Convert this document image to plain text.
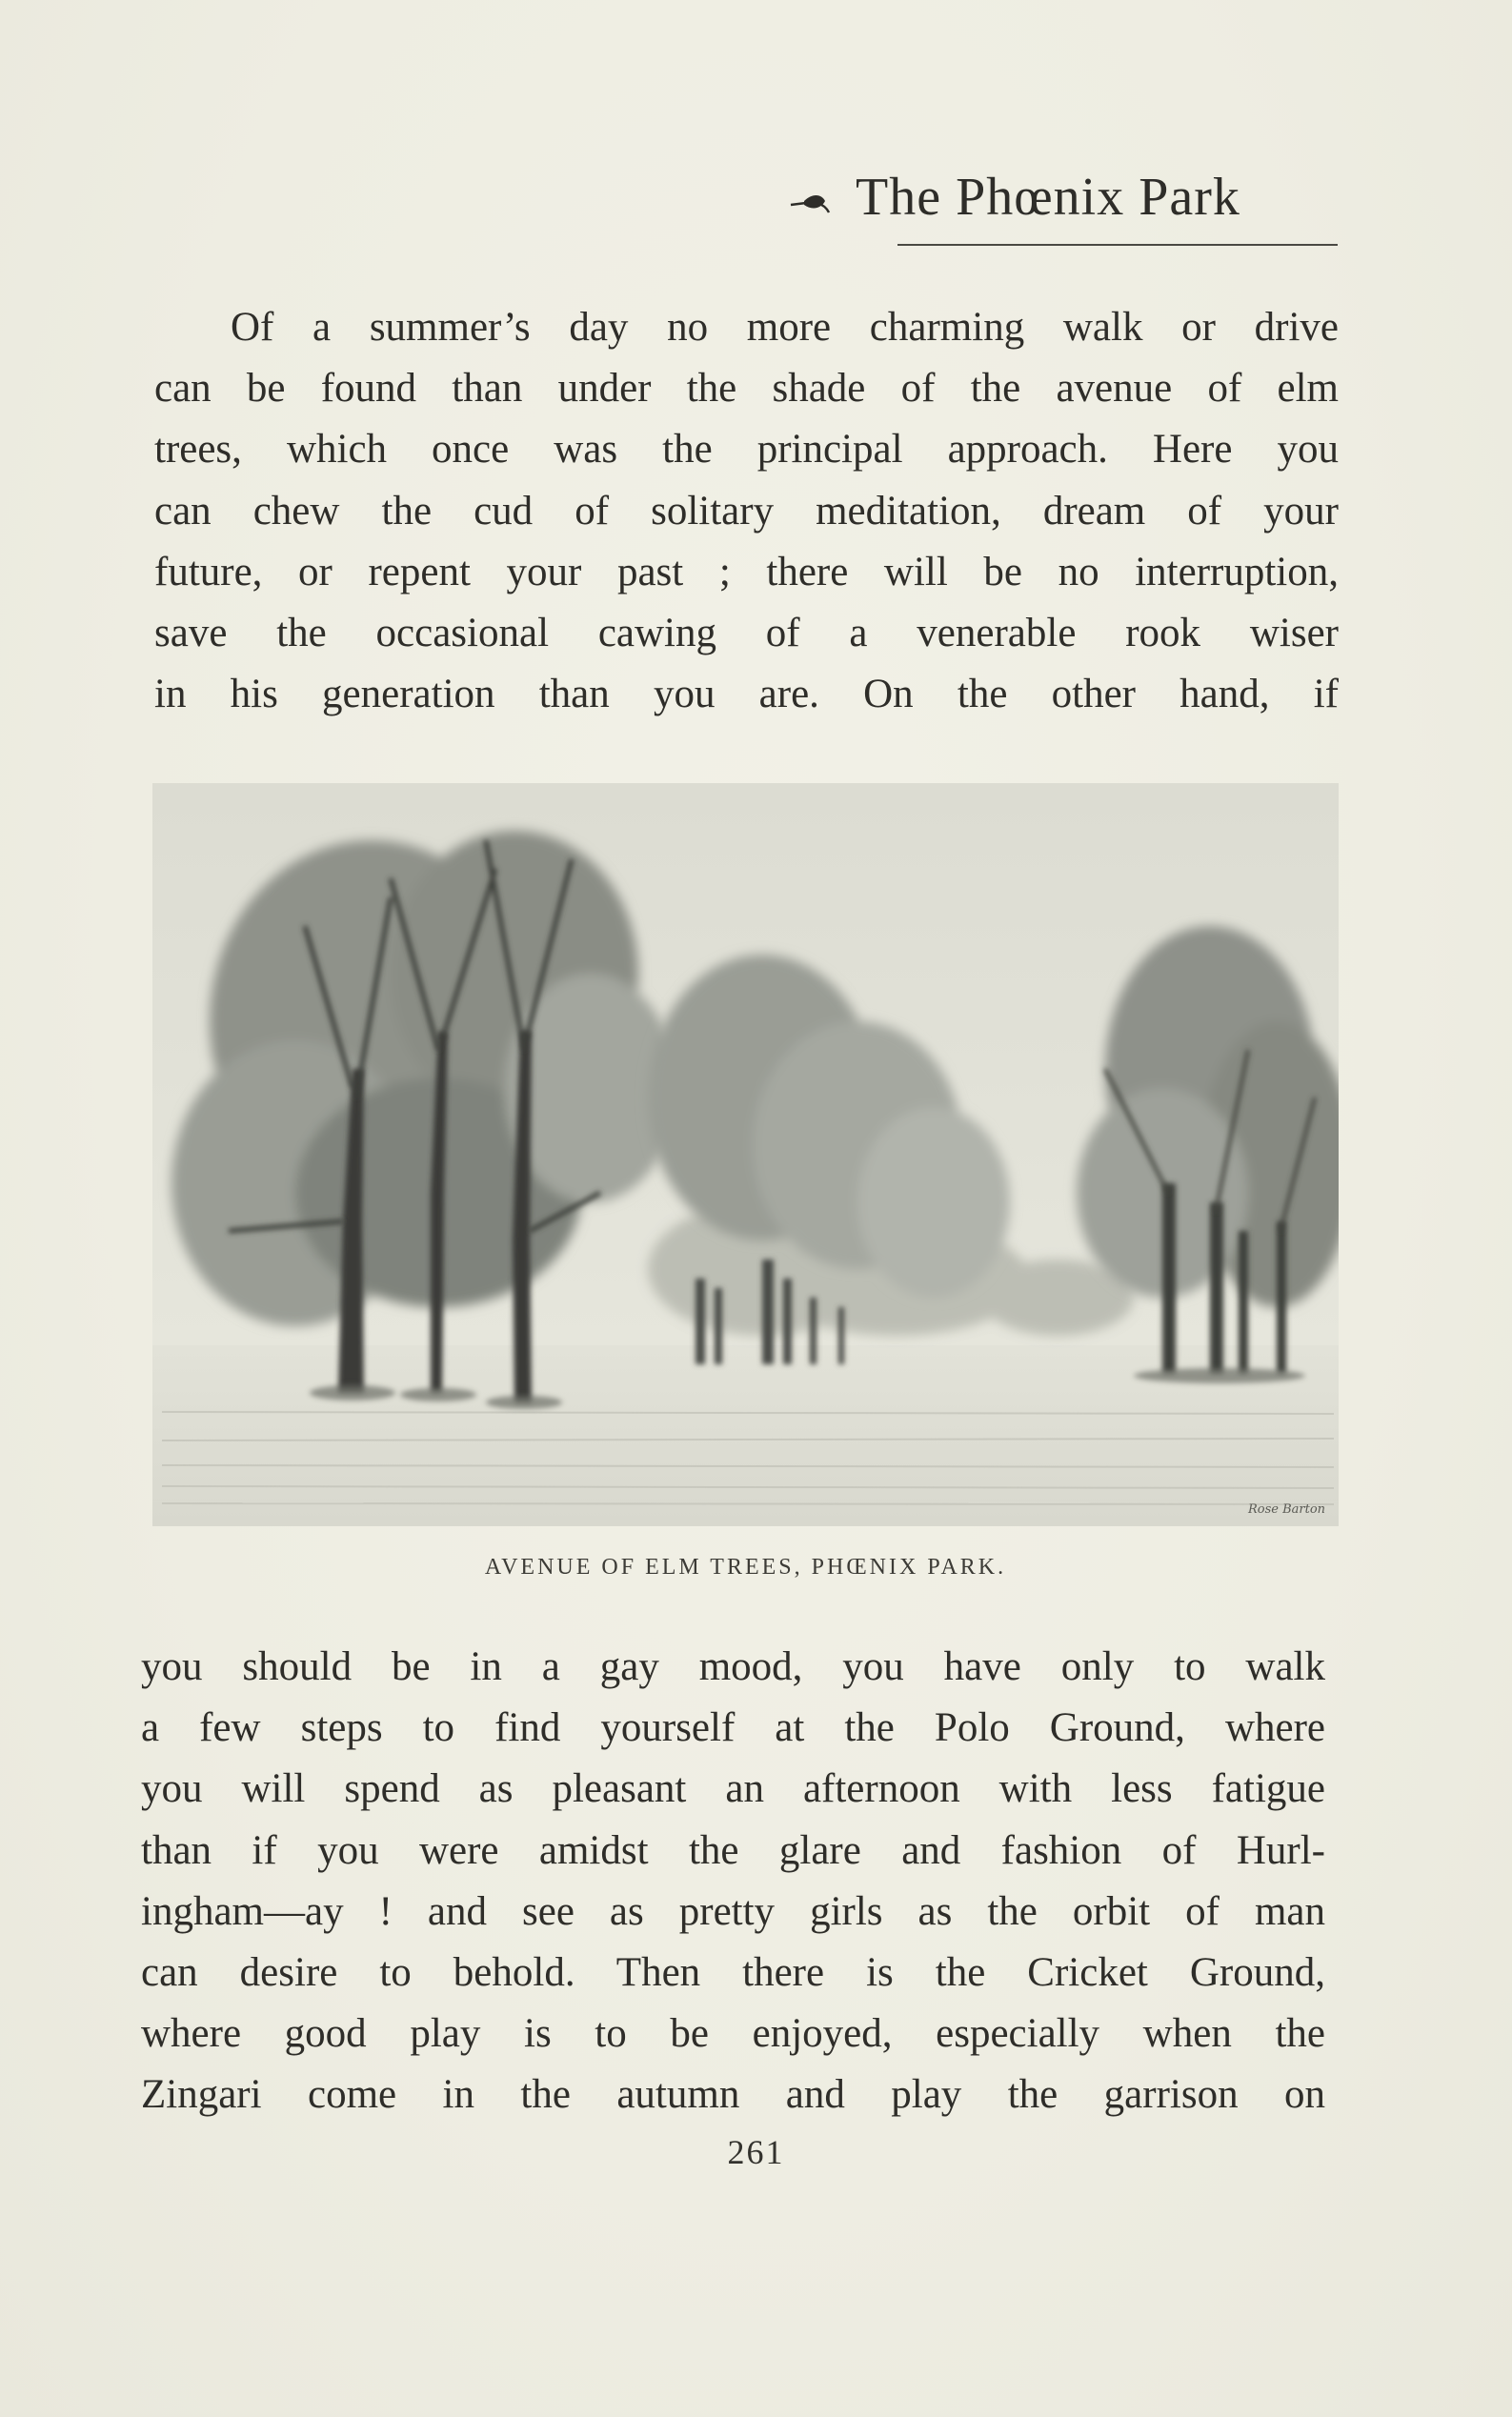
The Phœnix Park

Of a summer’s day no more charming walk or drive
can be found than under the shade of the avenue of elm
trees, which once was the principal approach. Here you
can chew the cud of solitary meditation, dream of your
future, or repent your past ; there will be no interruption,
save the occasional cawing of a venerable rook wiser
in his generation than you are. On the other hand, if

Rose Barton
AVENUE OF ELM TREES, PHŒNIX PARK.

you should be in a gay mood, you have only to walk
a few steps to find yourself at the Polo Ground, where
you will spend as pleasant an afternoon with less fatigue
than if you were amidst the glare and fashion of Hurl-
ingham—ay ! and see as pretty girls as the orbit of man
can desire to behold. Then there is the Cricket Ground,
where good play is to be enjoyed, especially when the
Zingari come in the autumn and play the garrison on

261
